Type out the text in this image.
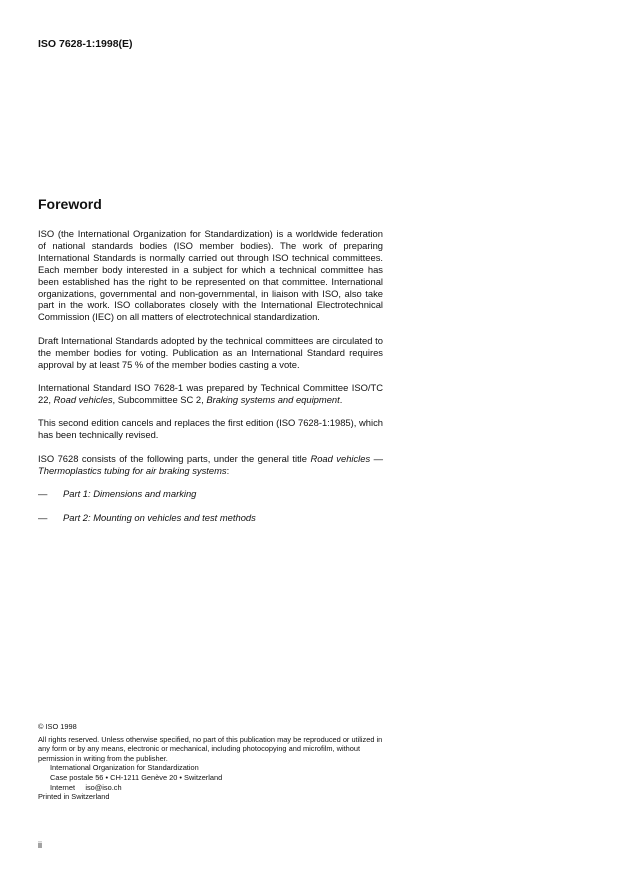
ISO 7628-1:1998(E)
Foreword

ISO (the International Organization for Standardization) is a worldwide federation of national standards bodies (ISO member bodies). The work of preparing International Standards is normally carried out through ISO technical committees. Each member body interested in a subject for which a technical committee has been established has the right to be represented on that committee. International organizations, governmental and non-governmental, in liaison with ISO, also take part in the work. ISO collaborates closely with the International Electrotechnical Commission (IEC) on all matters of electrotechnical standardization.

Draft International Standards adopted by the technical committees are circulated to the member bodies for voting. Publication as an International Standard requires approval by at least 75 % of the member bodies casting a vote.

International Standard ISO 7628-1 was prepared by Technical Committee ISO/TC 22, Road vehicles, Subcommittee SC 2, Braking systems and equipment.

This second edition cancels and replaces the first edition (ISO 7628-1:1985), which has been technically revised.

ISO 7628 consists of the following parts, under the general title Road vehicles — Thermoplastics tubing for air braking systems:

—	Part 1: Dimensions and marking
—	Part 2: Mounting on vehicles and test methods

© ISO 1998

All rights reserved. Unless otherwise specified, no part of this publication may be reproduced or utilized in any form or by any means, electronic or mechanical, including photocopying and microfilm, without permission in writing from the publisher.

International Organization for Standardization

Case postale 56 • CH-1211 Genève 20 • Switzerland

Internet     iso@iso.ch

Printed in Switzerland

ii
